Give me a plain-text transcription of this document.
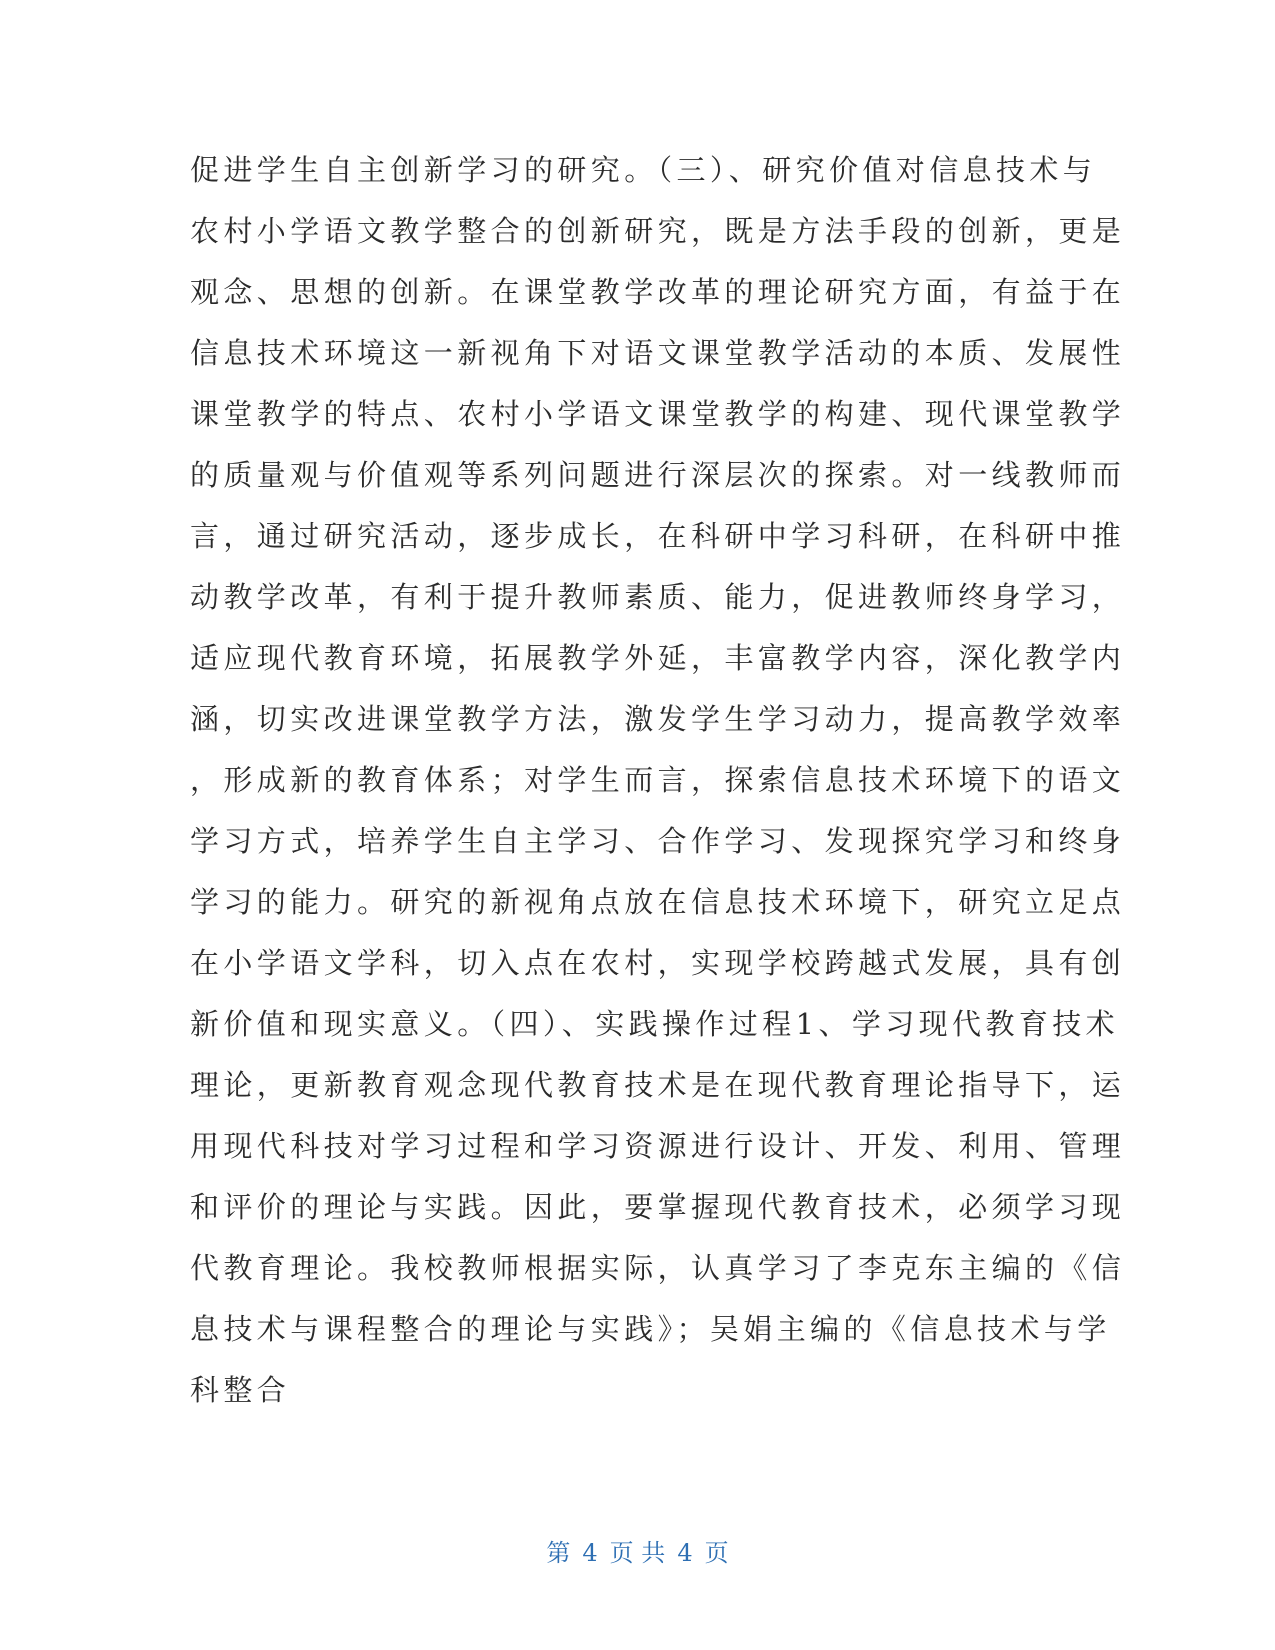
促进学生自主创新学习的研究。（三）、研究价值对信息技术与
农村小学语文教学整合的创新研究，既是方法手段的创新，更是
观念、思想的创新。在课堂教学改革的理论研究方面，有益于在
信息技术环境这一新视角下对语文课堂教学活动的本质、发展性
课堂教学的特点、农村小学语文课堂教学的构建、现代课堂教学
的质量观与价值观等系列问题进行深层次的探索。对一线教师而
言，通过研究活动，逐步成长，在科研中学习科研，在科研中推
动教学改革，有利于提升教师素质、能力，促进教师终身学习，
适应现代教育环境，拓展教学外延，丰富教学内容，深化教学内
涵，切实改进课堂教学方法，激发学生学习动力，提高教学效率
，形成新的教育体系；对学生而言，探索信息技术环境下的语文
学习方式，培养学生自主学习、合作学习、发现探究学习和终身
学习的能力。研究的新视角点放在信息技术环境下，研究立足点
在小学语文学科，切入点在农村，实现学校跨越式发展，具有创
新价值和现实意义。（四）、实践操作过程1、学习现代教育技术
理论，更新教育观念现代教育技术是在现代教育理论指导下，运
用现代科技对学习过程和学习资源进行设计、开发、利用、管理
和评价的理论与实践。因此，要掌握现代教育技术，必须学习现
代教育理论。我校教师根据实际，认真学习了李克东主编的《信
息技术与课程整合的理论与实践》；吴娟主编的《信息技术与学
科整合
第 4 页 共 4 页
